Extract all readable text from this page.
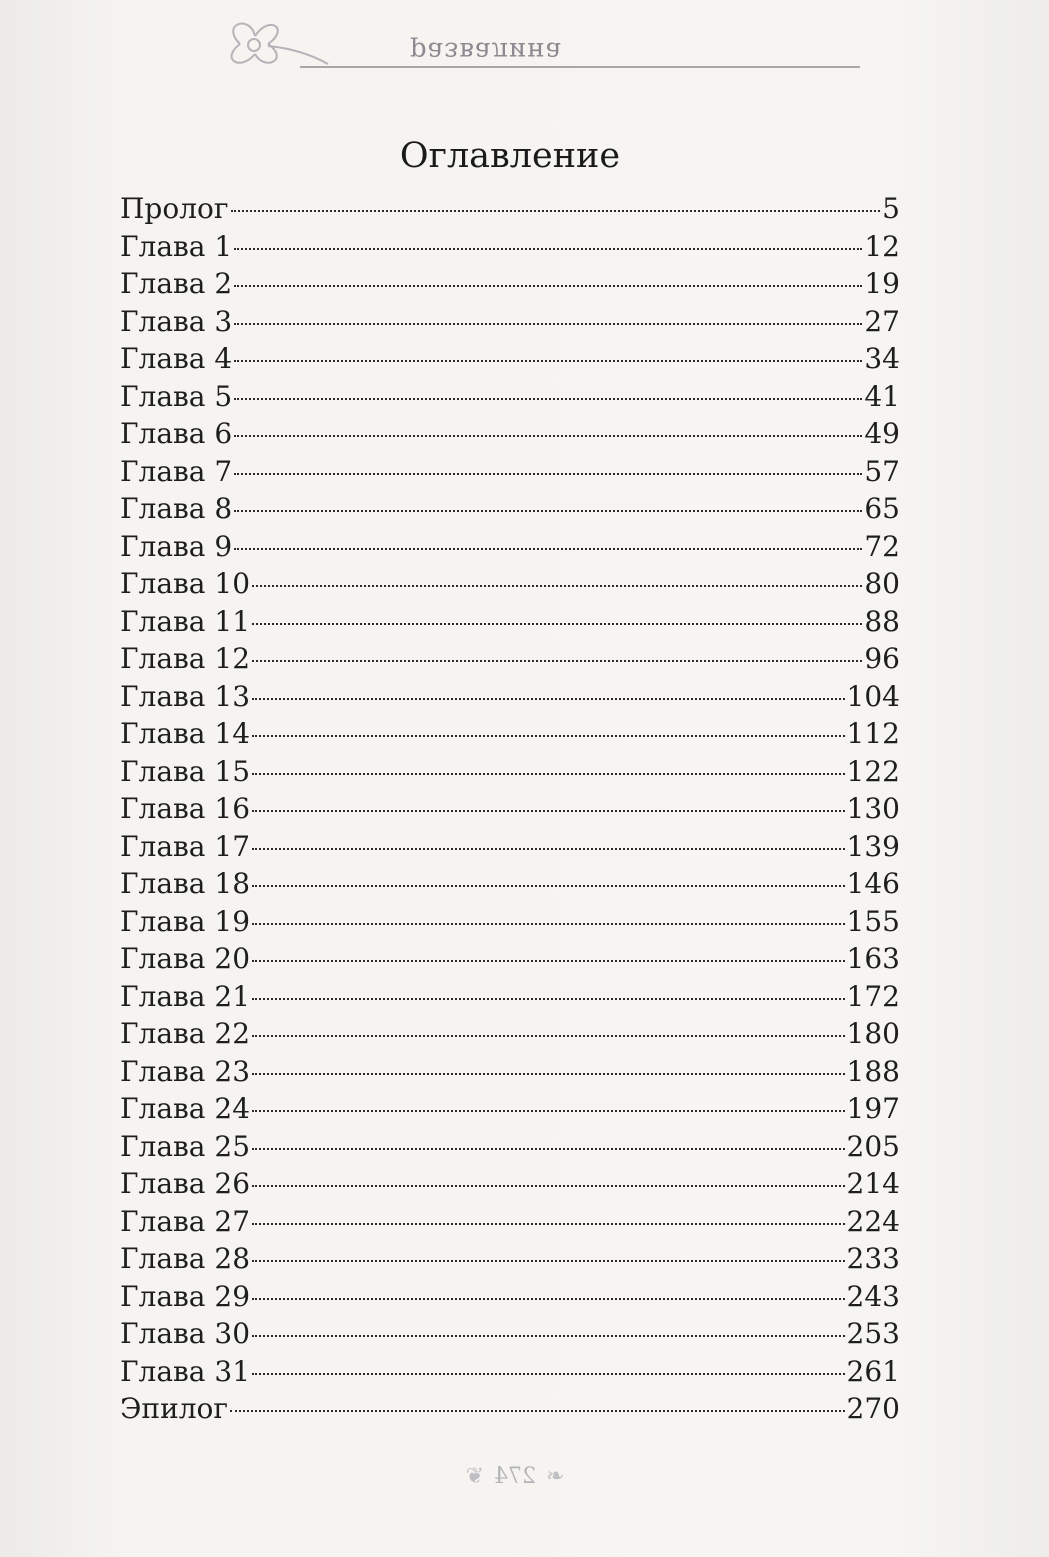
развалина
Оглавление
Пролог	5
Глава 1	12
Глава 2	19
Глава 3	27
Глава 4	34
Глава 5	41
Глава 6	49
Глава 7	57
Глава 8	65
Глава 9	72
Глава 10	80
Глава 11	88
Глава 12	96
Глава 13	104
Глава 14	112
Глава 15	122
Глава 16	130
Глава 17	139
Глава 18	146
Глава 19	155
Глава 20	163
Глава 21	172
Глава 22	180
Глава 23	188
Глава 24	197
Глава 25	205
Глава 26	214
Глава 27	224
Глава 28	233
Глава 29	243
Глава 30	253
Глава 31	261
Эпилог	270
❦ 274 ❧
